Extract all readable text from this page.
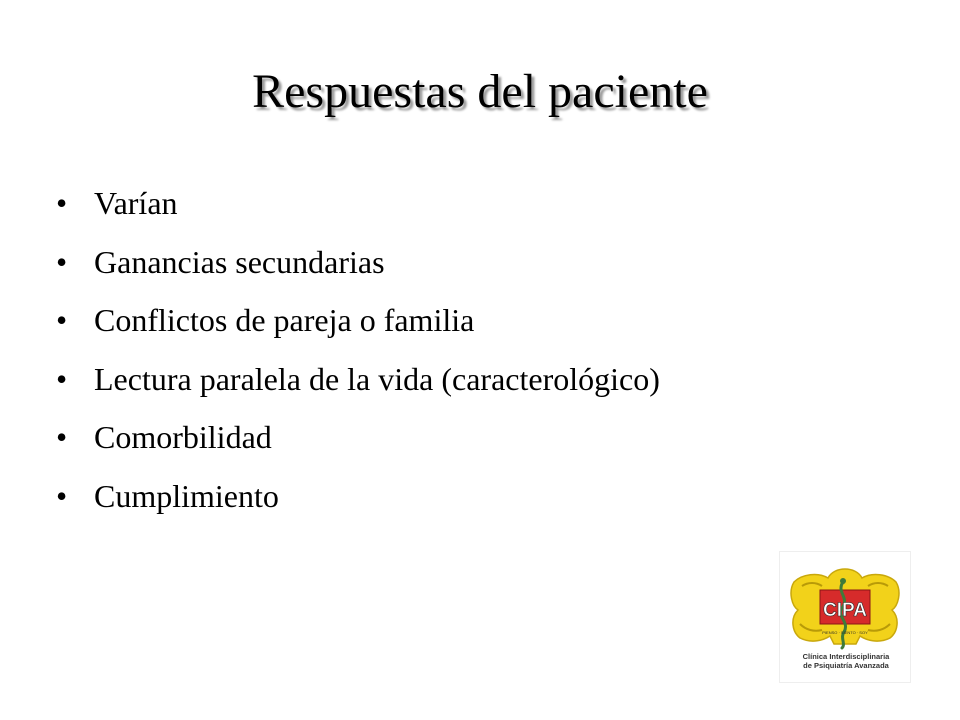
Respuestas del paciente
• Varían
• Ganancias secundarias
• Conflictos de pareja o familia
• Lectura paralela de la vida (caracterológico)
• Comorbilidad
• Cumplimiento
CIPA
PIENSO · SIENTO · SOY
Clínica Interdisciplinaria
de Psiquiatría Avanzada
